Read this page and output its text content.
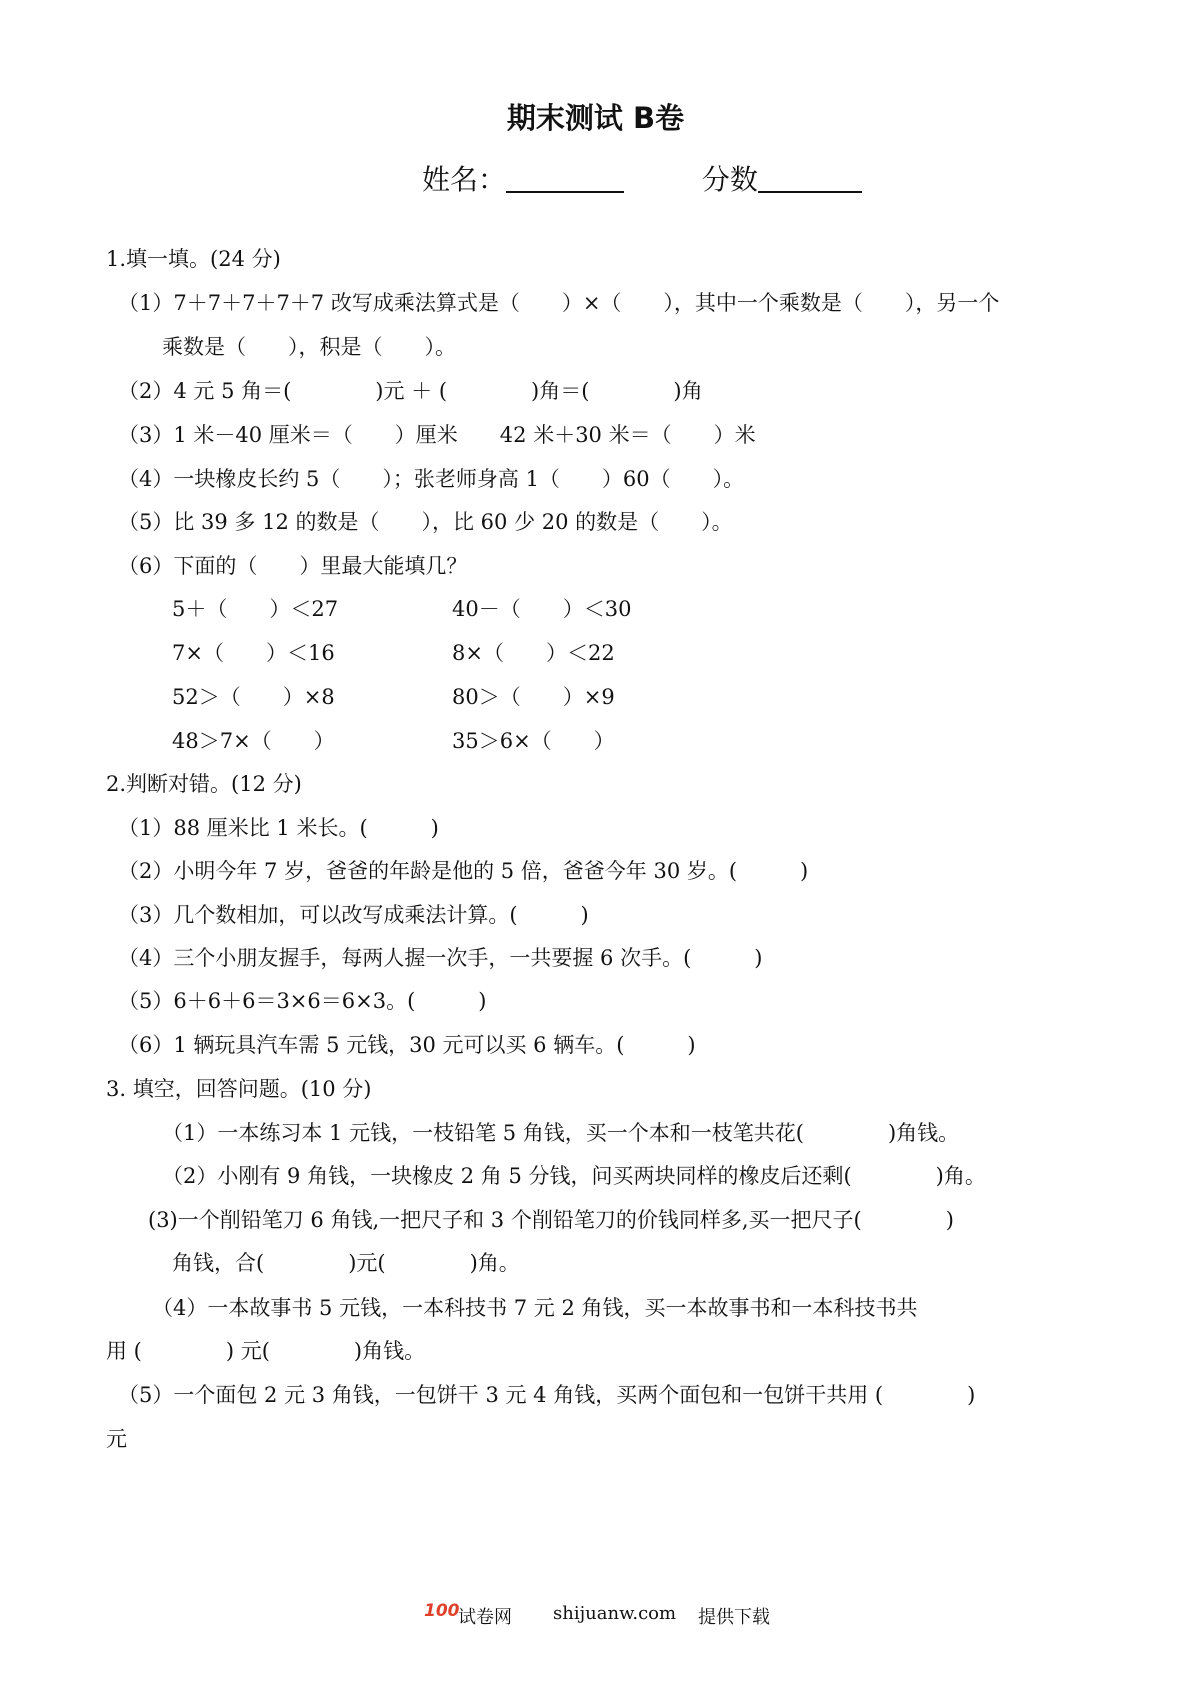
期末测试 B卷
姓名：	分数
1.填一填。(24 分)
（1）7＋7＋7＋7＋7 改写成乘法算式是（　　）×（　　），其中一个乘数是（　　），另一个
乘数是（　　），积是（　　）。
（2）4 元 5 角＝(　　　　)元 ＋ (　　　　)角＝(　　　　)角
（3）1 米－40 厘米＝（　　）厘米　　42 米＋30 米＝（　　）米
（4）一块橡皮长约 5（　　）；张老师身高 1（　　）60（　　）。
（5）比 39 多 12 的数是（　　），比 60 少 20 的数是（　　）。
（6）下面的（　　）里最大能填几？
5＋（　　）＜27	40－（　　）＜30
7×（　　）＜16	8×（　　）＜22
52＞（　　）×8	80＞（　　）×9
48＞7×（　　）	35＞6×（　　）
2.判断对错。(12 分)
（1）88 厘米比 1 米长。(　　　)
（2）小明今年 7 岁，爸爸的年龄是他的 5 倍，爸爸今年 30 岁。(　　　)
（3）几个数相加，可以改写成乘法计算。(　　　)
（4）三个小朋友握手，每两人握一次手，一共要握 6 次手。(　　　)
（5）6＋6＋6＝3×6＝6×3。(　　　)
（6）1 辆玩具汽车需 5 元钱，30 元可以买 6 辆车。(　　　)
3. 填空，回答问题。(10 分)
（1）一本练习本 1 元钱，一枝铅笔 5 角钱，买一个本和一枝笔共花(　　　　)角钱。
（2）小刚有 9 角钱，一块橡皮 2 角 5 分钱，问买两块同样的橡皮后还剩(　　　　)角。
(3)一个削铅笔刀 6 角钱,一把尺子和 3 个削铅笔刀的价钱同样多,买一把尺子(　　　　)
角钱，合(　　　　)元(　　　　)角。
（4）一本故事书 5 元钱，一本科技书 7 元 2 角钱，买一本故事书和一本科技书共
用 (　　　　) 元(　　　　)角钱。
（5）一个面包 2 元 3 角钱，一包饼干 3 元 4 角钱，买两个面包和一包饼干共用 (　　　　)
元
100
试卷网 shijuanw.com 提供下载
